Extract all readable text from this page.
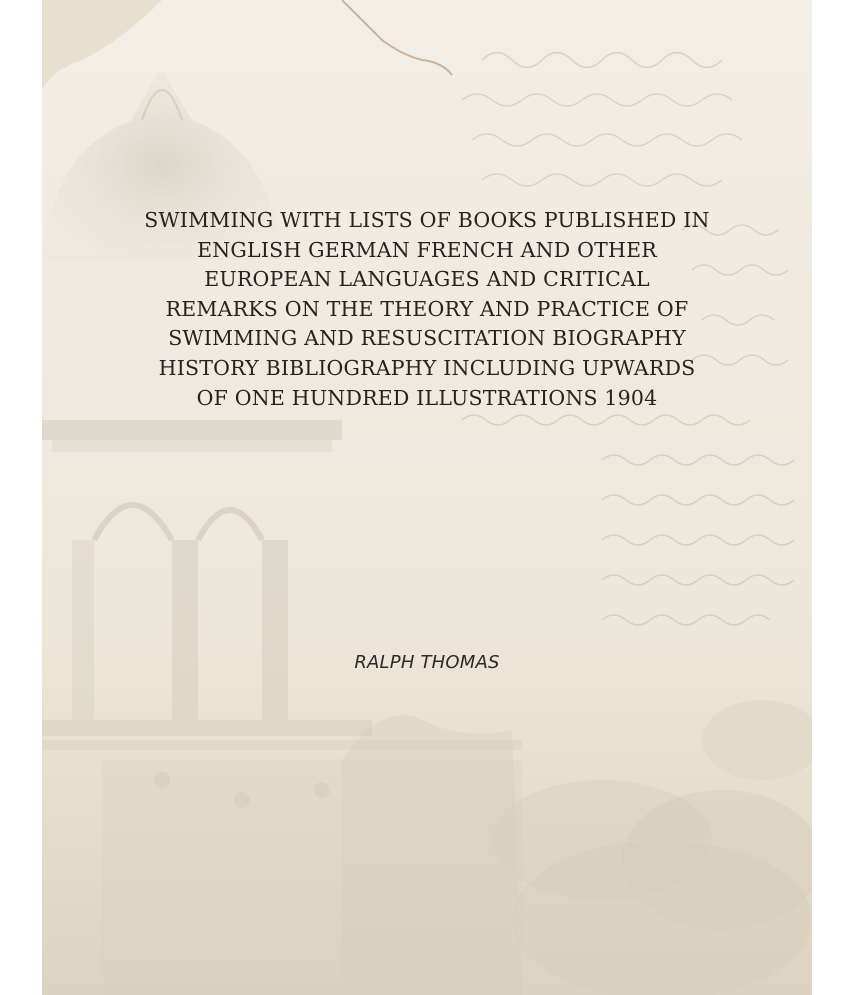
SWIMMING WITH LISTS OF BOOKS PUBLISHED IN
ENGLISH GERMAN FRENCH AND OTHER
EUROPEAN LANGUAGES AND CRITICAL
REMARKS ON THE THEORY AND PRACTICE OF
SWIMMING AND RESUSCITATION BIOGRAPHY
HISTORY BIBLIOGRAPHY INCLUDING UPWARDS
OF ONE HUNDRED ILLUSTRATIONS 1904
RALPH THOMAS
